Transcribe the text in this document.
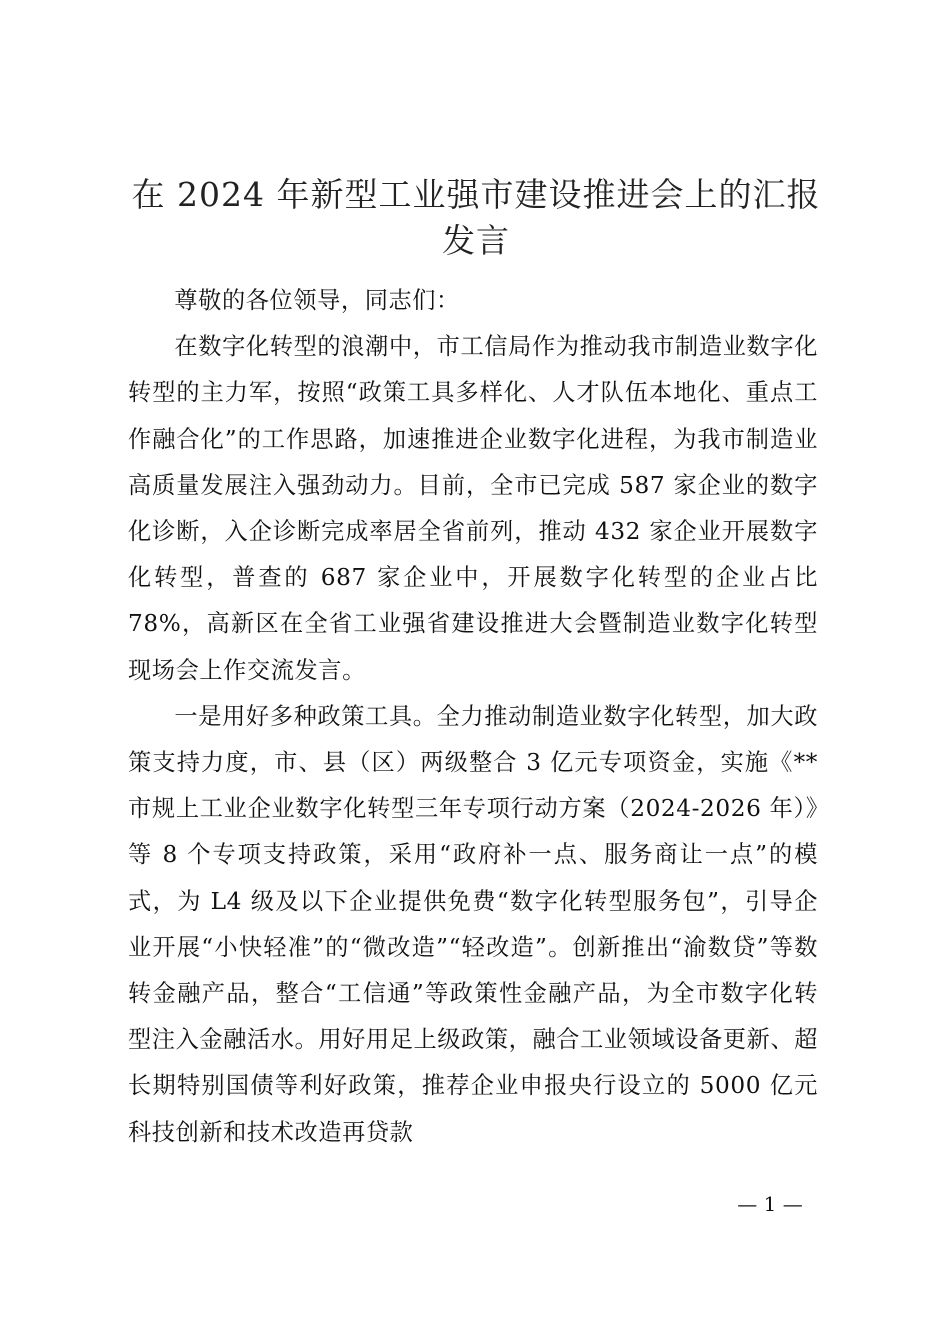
在 2024 年新型工业强市建设推进会上的汇报发言

尊敬的各位领导，同志们：

在数字化转型的浪潮中，市工信局作为推动我市制造业数字化转型的主力军，按照“政策工具多样化、人才队伍本地化、重点工作融合化”的工作思路，加速推进企业数字化进程，为我市制造业高质量发展注入强劲动力。目前，全市已完成 587 家企业的数字化诊断，入企诊断完成率居全省前列，推动 432 家企业开展数字化转型，普查的 687 家企业中，开展数字化转型的企业占比 78%，高新区在全省工业强省建设推进大会暨制造业数字化转型现场会上作交流发言。

一是用好多种政策工具。全力推动制造业数字化转型，加大政策支持力度，市、县（区）两级整合 3 亿元专项资金，实施《**市规上工业企业数字化转型三年专项行动方案（2024-2026 年）》等 8 个专项支持政策，采用“政府补一点、服务商让一点”的模式，为 L4 级及以下企业提供免费“数字化转型服务包”，引导企业开展“小快轻准”的“微改造”“轻改造”。创新推出“渝数贷”等数转金融产品，整合“工信通”等政策性金融产品，为全市数字化转型注入金融活水。用好用足上级政策，融合工业领域设备更新、超长期特别国债等利好政策，推荐企业申报央行设立的 5000 亿元科技创新和技术改造再贷款

— 1 —
